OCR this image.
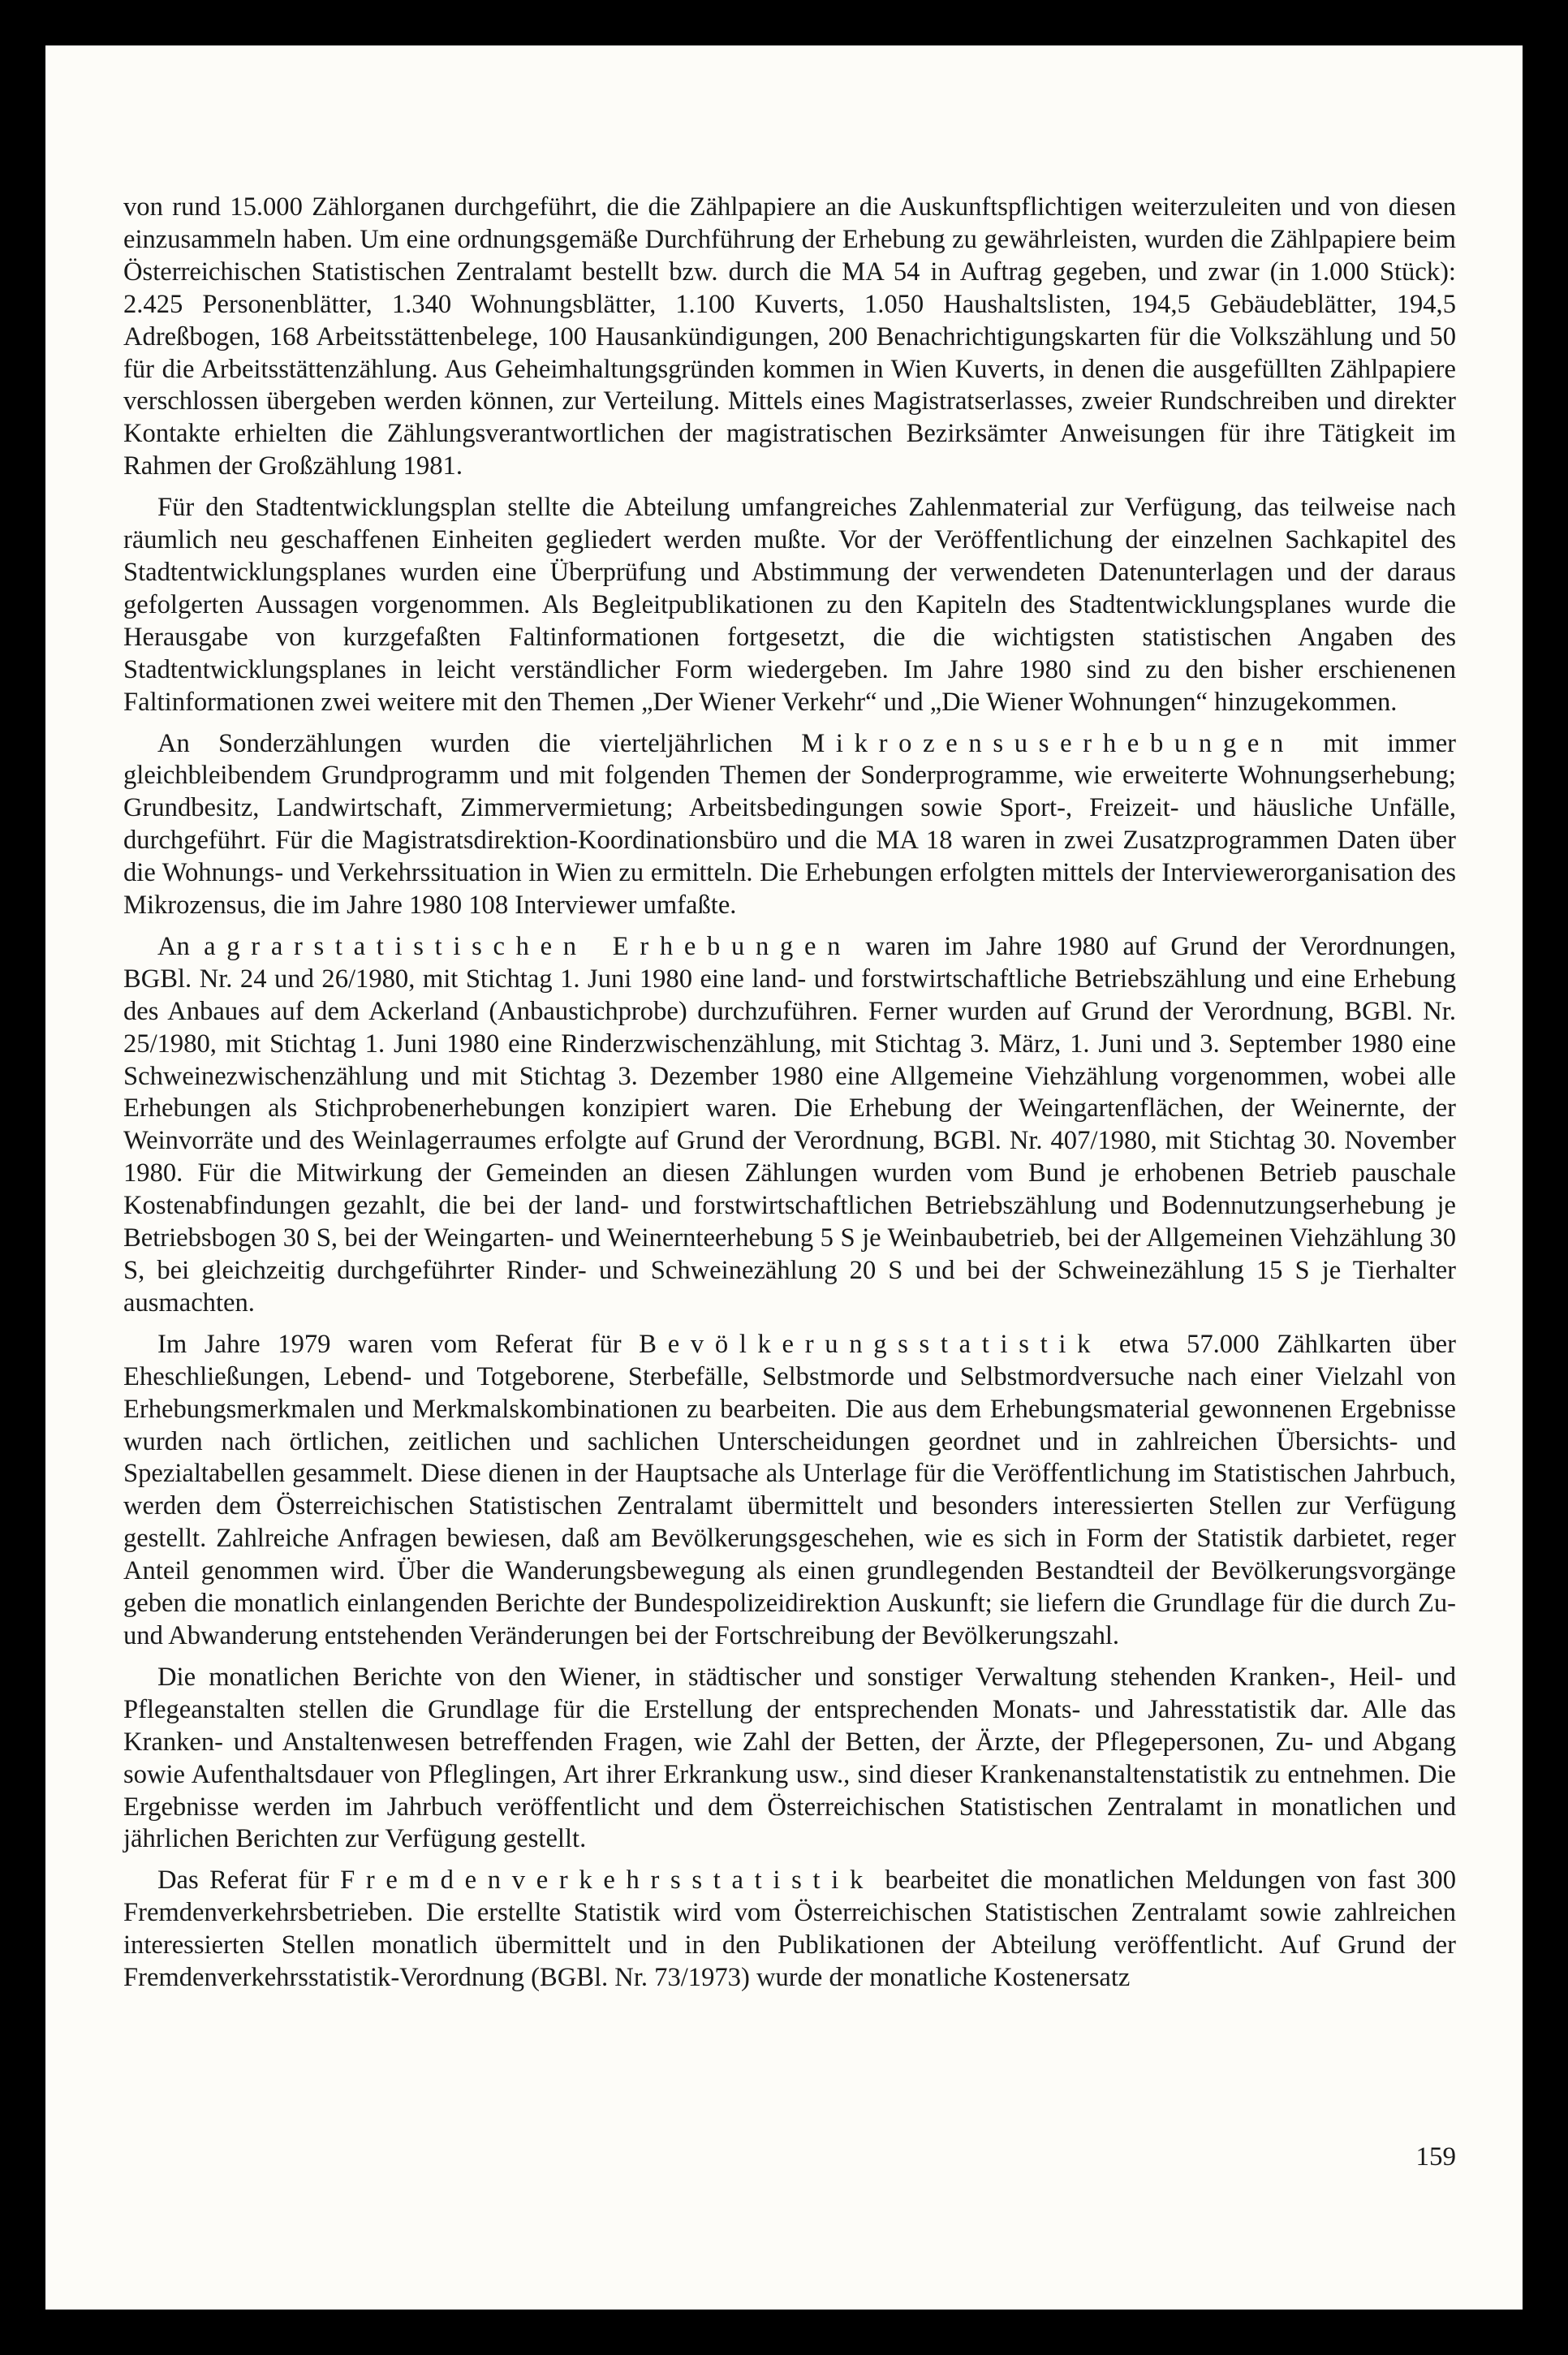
von rund 15.000 Zählorganen durchgeführt, die die Zählpapiere an die Auskunftspflichtigen weiterzuleiten und von diesen einzusammeln haben. Um eine ordnungsgemäße Durchführung der Erhebung zu gewährleisten, wurden die Zählpapiere beim Österreichischen Statistischen Zentralamt bestellt bzw. durch die MA 54 in Auftrag gegeben, und zwar (in 1.000 Stück): 2.425 Personenblätter, 1.340 Wohnungsblätter, 1.100 Kuverts, 1.050 Haushaltslisten, 194,5 Gebäudeblätter, 194,5 Adreßbogen, 168 Arbeitsstättenbelege, 100 Hausankündigungen, 200 Benachrichtigungskarten für die Volkszählung und 50 für die Arbeitsstättenzählung. Aus Geheimhaltungsgründen kommen in Wien Kuverts, in denen die ausgefüllten Zählpapiere verschlossen übergeben werden können, zur Verteilung. Mittels eines Magistratserlasses, zweier Rundschreiben und direkter Kontakte erhielten die Zählungsverantwortlichen der magistratischen Bezirksämter Anweisungen für ihre Tätigkeit im Rahmen der Großzählung 1981.

Für den Stadtentwicklungsplan stellte die Abteilung umfangreiches Zahlenmaterial zur Verfügung, das teilweise nach räumlich neu geschaffenen Einheiten gegliedert werden mußte. Vor der Veröffentlichung der einzelnen Sachkapitel des Stadtentwicklungsplanes wurden eine Überprüfung und Abstimmung der verwendeten Datenunterlagen und der daraus gefolgerten Aussagen vorgenommen. Als Begleitpublikationen zu den Kapiteln des Stadtentwicklungsplanes wurde die Herausgabe von kurzgefaßten Faltinformationen fortgesetzt, die die wichtigsten statistischen Angaben des Stadtentwicklungsplanes in leicht verständlicher Form wiedergeben. Im Jahre 1980 sind zu den bisher erschienenen Faltinformationen zwei weitere mit den Themen „Der Wiener Verkehr“ und „Die Wiener Wohnungen“ hinzugekommen.

An Sonderzählungen wurden die vierteljährlichen Mikrozensuserhebungen mit immer gleichbleibendem Grundprogramm und mit folgenden Themen der Sonderprogramme, wie erweiterte Wohnungserhebung; Grundbesitz, Landwirtschaft, Zimmervermietung; Arbeitsbedingungen sowie Sport-, Freizeit- und häusliche Unfälle, durchgeführt. Für die Magistratsdirektion-Koordinationsbüro und die MA 18 waren in zwei Zusatzprogrammen Daten über die Wohnungs- und Verkehrssituation in Wien zu ermitteln. Die Erhebungen erfolgten mittels der Interviewerorganisation des Mikrozensus, die im Jahre 1980 108 Interviewer umfaßte.

An agrarstatistischen Erhebungen waren im Jahre 1980 auf Grund der Verordnungen, BGBl. Nr. 24 und 26/1980, mit Stichtag 1. Juni 1980 eine land- und forstwirtschaftliche Betriebszählung und eine Erhebung des Anbaues auf dem Ackerland (Anbaustichprobe) durchzuführen. Ferner wurden auf Grund der Verordnung, BGBl. Nr. 25/1980, mit Stichtag 1. Juni 1980 eine Rinderzwischenzählung, mit Stichtag 3. März, 1. Juni und 3. September 1980 eine Schweinezwischenzählung und mit Stichtag 3. Dezember 1980 eine Allgemeine Viehzählung vorgenommen, wobei alle Erhebungen als Stichprobenerhebungen konzipiert waren. Die Erhebung der Weingartenflächen, der Weinernte, der Weinvorräte und des Weinlagerraumes erfolgte auf Grund der Verordnung, BGBl. Nr. 407/1980, mit Stichtag 30. November 1980. Für die Mitwirkung der Gemeinden an diesen Zählungen wurden vom Bund je erhobenen Betrieb pauschale Kostenabfindungen gezahlt, die bei der land- und forstwirtschaftlichen Betriebszählung und Bodennutzungserhebung je Betriebsbogen 30 S, bei der Weingarten- und Weinernteerhebung 5 S je Weinbaubetrieb, bei der Allgemeinen Viehzählung 30 S, bei gleichzeitig durchgeführter Rinder- und Schweinezählung 20 S und bei der Schweinezählung 15 S je Tierhalter ausmachten.

Im Jahre 1979 waren vom Referat für Bevölkerungsstatistik etwa 57.000 Zählkarten über Eheschließungen, Lebend- und Totgeborene, Sterbefälle, Selbstmorde und Selbstmordversuche nach einer Vielzahl von Erhebungsmerkmalen und Merkmalskombinationen zu bearbeiten. Die aus dem Erhebungsmaterial gewonnenen Ergebnisse wurden nach örtlichen, zeitlichen und sachlichen Unterscheidungen geordnet und in zahlreichen Übersichts- und Spezialtabellen gesammelt. Diese dienen in der Hauptsache als Unterlage für die Veröffentlichung im Statistischen Jahrbuch, werden dem Österreichischen Statistischen Zentralamt übermittelt und besonders interessierten Stellen zur Verfügung gestellt. Zahlreiche Anfragen bewiesen, daß am Bevölkerungsgeschehen, wie es sich in Form der Statistik darbietet, reger Anteil genommen wird. Über die Wanderungsbewegung als einen grundlegenden Bestandteil der Bevölkerungsvorgänge geben die monatlich einlangenden Berichte der Bundespolizeidirektion Auskunft; sie liefern die Grundlage für die durch Zu- und Abwanderung entstehenden Veränderungen bei der Fortschreibung der Bevölkerungszahl.

Die monatlichen Berichte von den Wiener, in städtischer und sonstiger Verwaltung stehenden Kranken-, Heil- und Pflegeanstalten stellen die Grundlage für die Erstellung der entsprechenden Monats- und Jahresstatistik dar. Alle das Kranken- und Anstaltenwesen betreffenden Fragen, wie Zahl der Betten, der Ärzte, der Pflegepersonen, Zu- und Abgang sowie Aufenthaltsdauer von Pfleglingen, Art ihrer Erkrankung usw., sind dieser Krankenanstaltenstatistik zu entnehmen. Die Ergebnisse werden im Jahrbuch veröffentlicht und dem Österreichischen Statistischen Zentralamt in monatlichen und jährlichen Berichten zur Verfügung gestellt.

Das Referat für Fremdenverkehrsstatistik bearbeitet die monatlichen Meldungen von fast 300 Fremdenverkehrsbetrieben. Die erstellte Statistik wird vom Österreichischen Statistischen Zentralamt sowie zahlreichen interessierten Stellen monatlich übermittelt und in den Publikationen der Abteilung veröffentlicht. Auf Grund der Fremdenverkehrsstatistik-Verordnung (BGBl. Nr. 73/1973) wurde der monatliche Kostenersatz

159
